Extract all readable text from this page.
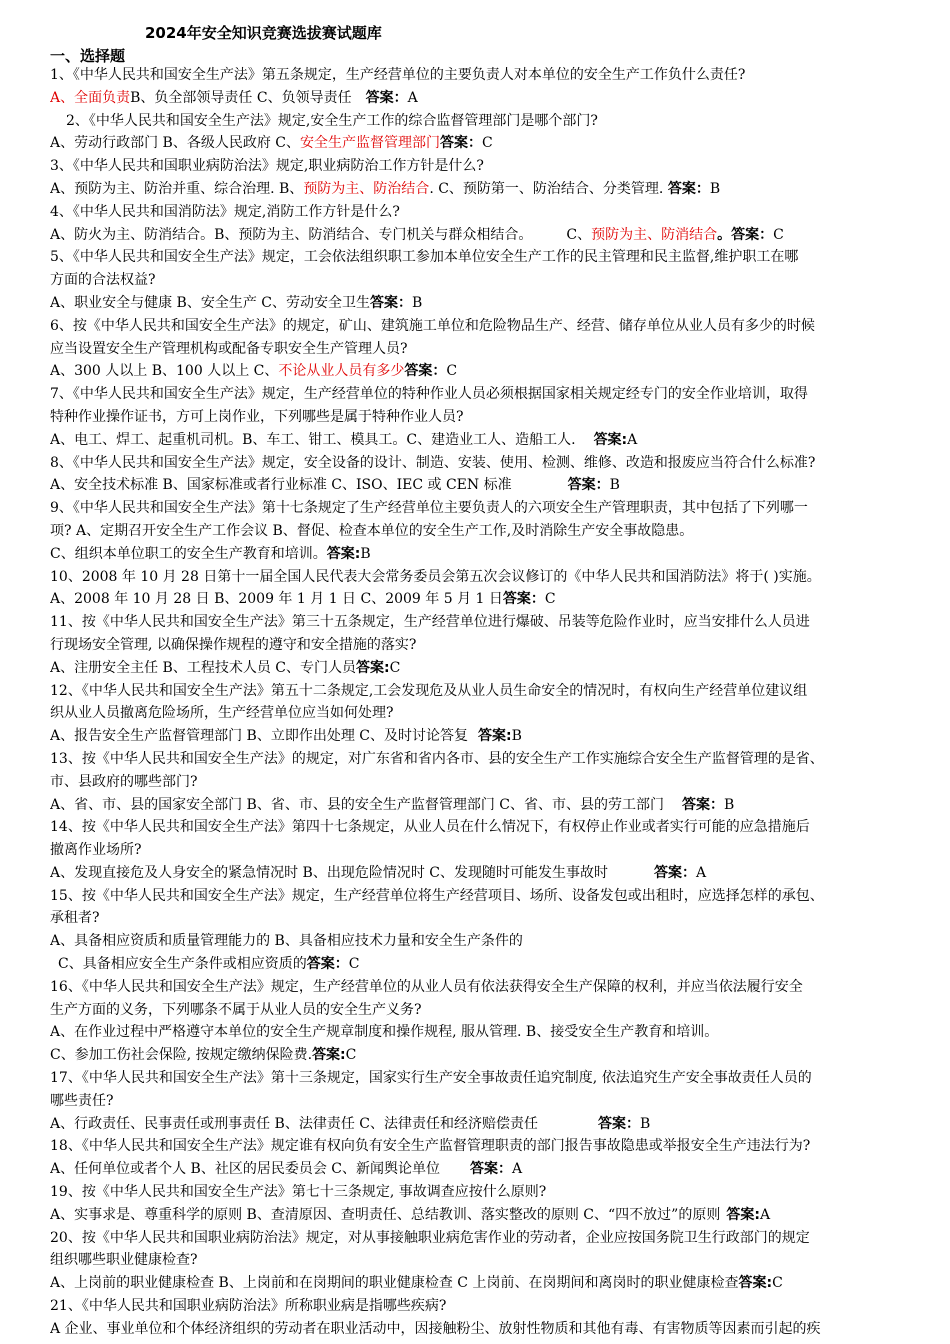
2024年安全知识竞赛选拔赛试题库
一、选择题
1、《中华人民共和国安全生产法》第五条规定，生产经营单位的主要负责人对本单位的安全生产工作负什么责任?
A、全面负责B、负全部领导责任 C、负领导责任 答案：A
2、《中华人民共和国安全生产法》规定,安全生产工作的综合监督管理部门是哪个部门?
A、劳动行政部门 B、各级人民政府 C、安全生产监督管理部门答案：C
3、《中华人民共和国职业病防治法》规定,职业病防治工作方针是什么?
A、预防为主、防治并重、综合治理. B、预防为主、防治结合. C、预防第一、防治结合、分类管理. 答案：B
4、《中华人民共和国消防法》规定,消防工作方针是什么?
A、防火为主、防消结合。B、预防为主、防消结合、专门机关与群众相结合。 C、预防为主、防消结合。答案：C
5、《中华人民共和国安全生产法》规定，工会依法组织职工参加本单位安全生产工作的民主管理和民主监督,维护职工在哪
方面的合法权益?
A、职业安全与健康 B、安全生产 C、劳动安全卫生答案：B
6、按《中华人民共和国安全生产法》的规定，矿山、建筑施工单位和危险物品生产、经营、储存单位从业人员有多少的时候
应当设置安全生产管理机构或配备专职安全生产管理人员?
A、300 人以上 B、100 人以上 C、不论从业人员有多少答案：C
7、《中华人民共和国安全生产法》规定，生产经营单位的特种作业人员必须根据国家相关规定经专门的安全作业培训，取得
特种作业操作证书，方可上岗作业，下列哪些是属于特种作业人员?
A、电工、焊工、起重机司机。B、车工、钳工、模具工。C、建造业工人、造船工人. 答案:A
8、《中华人民共和国安全生产法》规定，安全设备的设计、制造、安装、使用、检测、维修、改造和报废应当符合什么标准?
A、安全技术标准 B、国家标准或者行业标准 C、ISO、IEC 或 CEN 标准	答案：B
9、《中华人民共和国安全生产法》第十七条规定了生产经营单位主要负责人的六项安全生产管理职责，其中包括了下列哪一
项? A、定期召开安全生产工作会议 B、督促、检查本单位的安全生产工作,及时消除生产安全事故隐患。
C、组织本单位职工的安全生产教育和培训。答案:B
10、2008 年 10 月 28 日第十一届全国人民代表大会常务委员会第五次会议修订的《中华人民共和国消防法》将于( )实施。
A、2008 年 10 月 28 日 B、2009 年 1 月 1 日 C、2009 年 5 月 1 日答案：C
11、按《中华人民共和国安全生产法》第三十五条规定，生产经营单位进行爆破、吊装等危险作业时，应当安排什么人员进
行现场安全管理, 以确保操作规程的遵守和安全措施的落实?
A、注册安全主任 B、工程技术人员 C、专门人员答案:C
12、《中华人民共和国安全生产法》第五十二条规定,工会发现危及从业人员生命安全的情况时，有权向生产经营单位建议组
织从业人员撤离危险场所，生产经营单位应当如何处理?
A、报告安全生产监督管理部门 B、立即作出处理 C、及时讨论答复 答案:B
13、按《中华人民共和国安全生产法》的规定，对广东省和省内各市、县的安全生产工作实施综合安全生产监督管理的是省、
市、县政府的哪些部门?
A、省、市、县的国家安全部门 B、省、市、县的安全生产监督管理部门 C、省、市、县的劳工部门 答案：B
14、按《中华人民共和国安全生产法》第四十七条规定，从业人员在什么情况下，有权停止作业或者实行可能的应急措施后
撤离作业场所?
A、发现直接危及人身安全的紧急情况时 B、出现危险情况时 C、发现随时可能发生事故时	答案：A
15、按《中华人民共和国安全生产法》规定，生产经营单位将生产经营项目、场所、设备发包或出租时，应选择怎样的承包、
承租者?
A、具备相应资质和质量管理能力的 B、具备相应技术力量和安全生产条件的
C、具备相应安全生产条件或相应资质的答案：C
16、《中华人民共和国安全生产法》规定，生产经营单位的从业人员有依法获得安全生产保障的权利，并应当依法履行安全
生产方面的义务，下列哪条不属于从业人员的安全生产义务?
A、在作业过程中严格遵守本单位的安全生产规章制度和操作规程, 服从管理. B、接受安全生产教育和培训。
C、参加工伤社会保险, 按规定缴纳保险费.答案:C
17、《中华人民共和国安全生产法》第十三条规定，国家实行生产安全事故责任追究制度, 依法追究生产安全事故责任人员的
哪些责任?
A、行政责任、民事责任或刑事责任 B、法律责任 C、法律责任和经济赔偿责任	答案：B
18、《中华人民共和国安全生产法》规定谁有权向负有安全生产监督管理职责的部门报告事故隐患或举报安全生产违法行为?
A、任何单位或者个人 B、社区的居民委员会 C、新闻舆论单位 答案：A
19、按《中华人民共和国安全生产法》第七十三条规定, 事故调查应按什么原则?
A、实事求是、尊重科学的原则 B、查清原因、查明责任、总结教训、落实整改的原则 C、“四不放过”的原则 答案:A
20、按《中华人民共和国职业病防治法》规定，对从事接触职业病危害作业的劳动者，企业应按国务院卫生行政部门的规定
组织哪些职业健康检查?
A、上岗前的职业健康检查 B、上岗前和在岗期间的职业健康检查 C 上岗前、在岗期间和离岗时的职业健康检查答案:C
21、《中华人民共和国职业病防治法》所称职业病是指哪些疾病?
A 企业、事业单位和个体经济组织的劳动者在职业活动中，因接触粉尘、放射性物质和其他有毒、有害物质等因素而引起的疾
